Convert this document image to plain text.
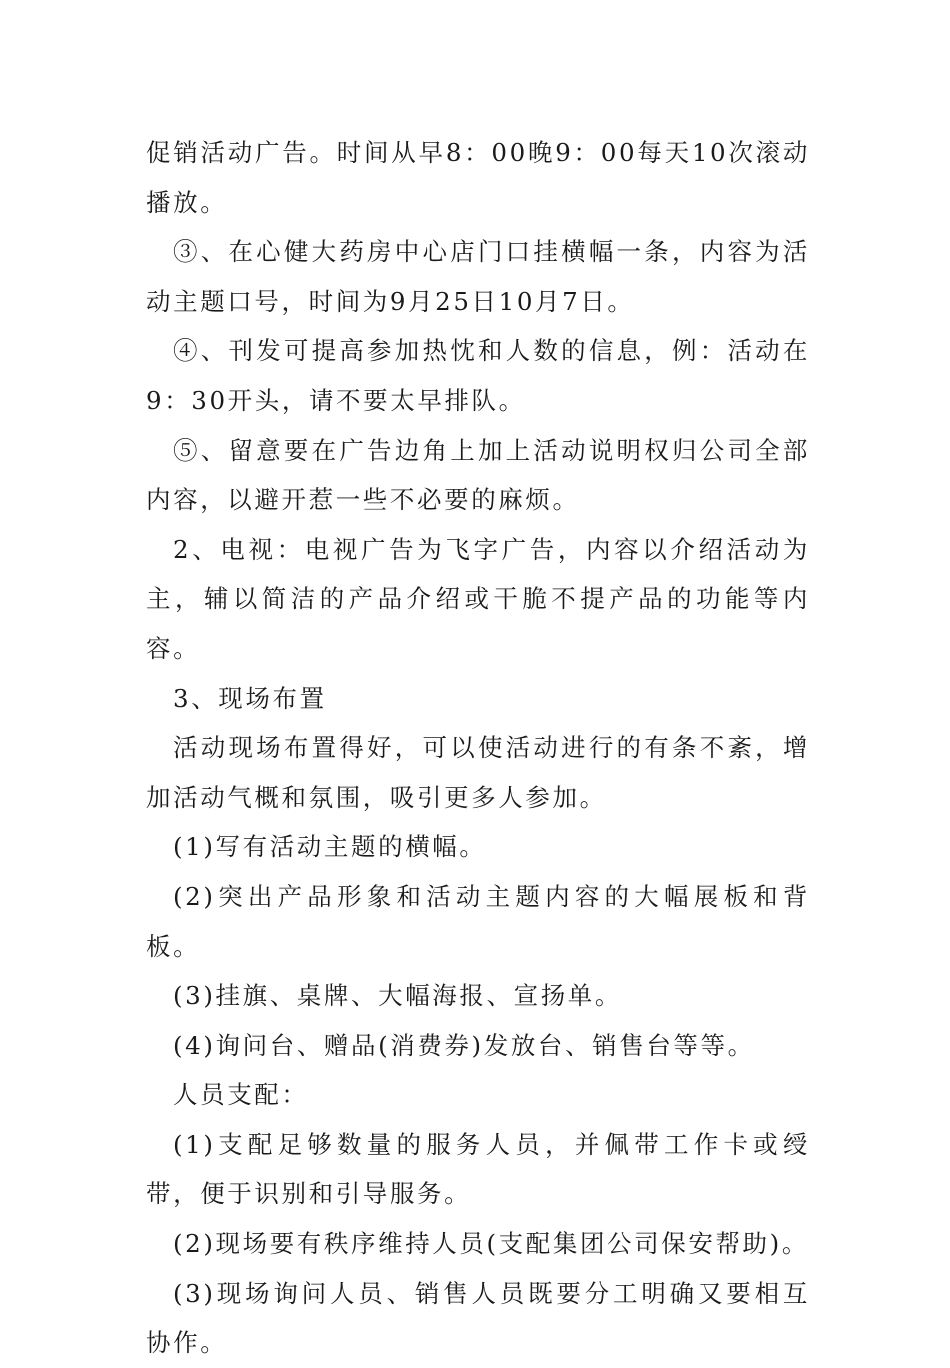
促销活动广告。时间从早8：00晚9：00每天10次滚动播放。

③、在心健大药房中心店门口挂横幅一条，内容为活动主题口号，时间为9月25日10月7日。

④、刊发可提高参加热忱和人数的信息，例：活动在9：30开头，请不要太早排队。

⑤、留意要在广告边角上加上活动说明权归公司全部内容，以避开惹一些不必要的麻烦。

2、电视：电视广告为飞字广告，内容以介绍活动为主，辅以简洁的产品介绍或干脆不提产品的功能等内容。

3、现场布置

活动现场布置得好，可以使活动进行的有条不紊，增加活动气概和氛围，吸引更多人参加。

(1)写有活动主题的横幅。

(2)突出产品形象和活动主题内容的大幅展板和背板。

(3)挂旗、桌牌、大幅海报、宣扬单。

(4)询问台、赠品(消费券)发放台、销售台等等。

人员支配：

(1)支配足够数量的服务人员，并佩带工作卡或绶带，便于识别和引导服务。

(2)现场要有秩序维持人员(支配集团公司保安帮助)。

(3)现场询问人员、销售人员既要分工明确又要相互协作。
